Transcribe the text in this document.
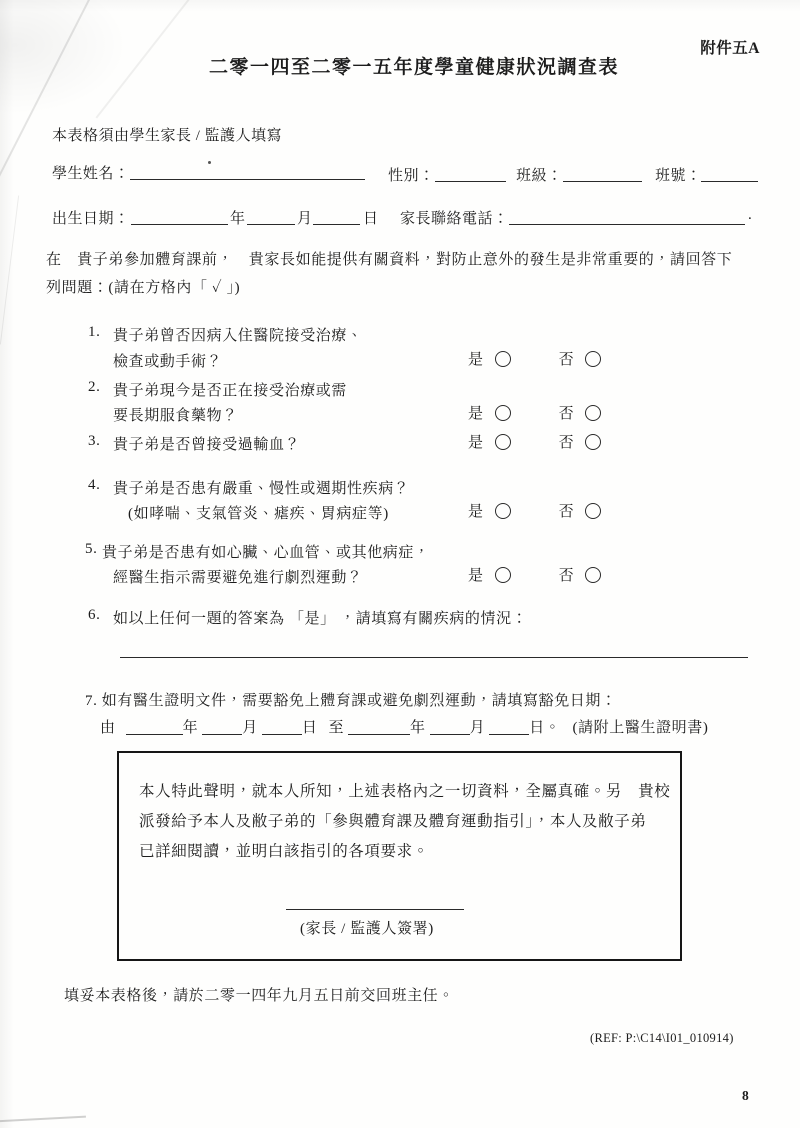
附件五A
二零一四至二零一五年度學童健康狀況調查表
本表格須由學生家長 / 監護人填寫
學生姓名：	性別：	班級：	班號：
出生日期：	年	月	日 家長聯絡電話：	.
在　貴子弟參加體育課前，　貴家長如能提供有關資料，對防止意外的發生是非常重要的，請回答下
列問題：(請在方格內「 ✓ 」)
1. 貴子弟曾否因病入住醫院接受治療、
檢查或動手術？	是	否
2. 貴子弟現今是否正在接受治療或需
要長期服食藥物？	是	否
3. 貴子弟是否曾接受過輸血？	是	否
4. 貴子弟是否患有嚴重、慢性或週期性疾病？
(如哮喘、支氣管炎、瘧疾、胃病症等)	是	否
5. 貴子弟是否患有如心臟、心血管、或其他病症，
經醫生指示需要避免進行劇烈運動？	是	否
6. 如以上任何一題的答案為 「是」 ，請填寫有關疾病的情況：
7. 如有醫生證明文件，需要豁免上體育課或避免劇烈運動，請填寫豁免日期：
由	年	月	日 至	年	月	日。 (請附上醫生證明書)
本人特此聲明，就本人所知，上述表格內之一切資料，全屬真確。另　貴校
派發給予本人及敝子弟的「參與體育課及體育運動指引」，本人及敝子弟
已詳細閱讀，並明白該指引的各項要求。
(家長 / 監護人簽署)
填妥本表格後，請於二零一四年九月五日前交回班主任。
(REF: P:\C14\I01_010914)
8
